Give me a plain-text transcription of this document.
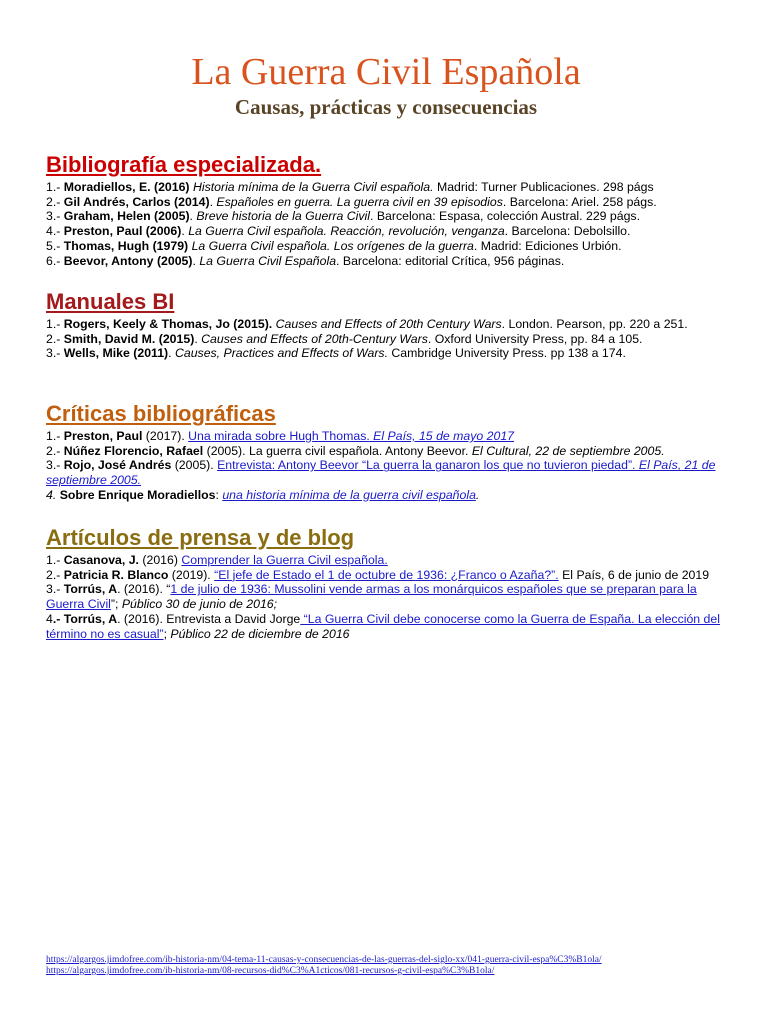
La Guerra Civil Española
Causas, prácticas y consecuencias
Bibliografía especializada.

1.- Moradiellos, E. (2016) Historia mínima de la Guerra Civil española. Madrid: Turner Publicaciones. 298 págs

2.- Gil Andrés, Carlos (2014). Españoles en guerra. La guerra civil en 39 episodios. Barcelona: Ariel. 258 págs.

3.- Graham, Helen (2005). Breve historia de la Guerra Civil. Barcelona: Espasa, colección Austral. 229 págs.

4.- Preston, Paul (2006). La Guerra Civil española. Reacción, revolución, venganza. Barcelona: Debolsillo.

5.- Thomas, Hugh (1979) La Guerra Civil española. Los orígenes de la guerra. Madrid: Ediciones Urbión.

6.- Beevor, Antony (2005). La Guerra Civil Española. Barcelona: editorial Crítica, 956 páginas.

Manuales BI

1.- Rogers, Keely & Thomas, Jo (2015). Causes and Effects of 20th Century Wars. London. Pearson, pp. 220 a 251.

2.- Smith, David M. (2015). Causes and Effects of 20th-Century Wars. Oxford University Press, pp. 84 a 105.

3.- Wells, Mike (2011). Causes, Practices and Effects of Wars. Cambridge University Press. pp 138 a 174.

Críticas bibliográficas

1.- Preston, Paul (2017). Una mirada sobre Hugh Thomas. El País, 15 de mayo 2017

2.- Núñez Florencio, Rafael (2005). La guerra civil española. Antony Beevor. El Cultural, 22 de septiembre 2005.

3.- Rojo, José Andrés (2005). Entrevista: Antony Beevor “La guerra la ganaron los que no tuvieron piedad”. El País, 21 de septiembre 2005.

4. Sobre Enrique Moradiellos: una historia mínima de la guerra civil española.

Artículos de prensa y de blog

1.- Casanova, J. (2016) Comprender la Guerra Civil española.

2.- Patricia R. Blanco (2019). “El jefe de Estado el 1 de octubre de 1936: ¿Franco o Azaña?”. El País, 6 de junio de 2019

3.- Torrús, A. (2016). “1 de julio de 1936: Mussolini vende armas a los monárquicos españoles que se preparan para la Guerra Civil”; Público 30 de junio de 2016;

4.- Torrús, A. (2016). Entrevista a David Jorge “La Guerra Civil debe conocerse como la Guerra de España. La elección del término no es casual”; Público 22 de diciembre de 2016

https://algargos.jimdofree.com/ib-historia-nm/04-tema-11-causas-y-consecuencias-de-las-guerras-del-siglo-xx/041-guerra-civil-espa%C3%B1ola/
https://algargos.jimdofree.com/ib-historia-nm/08-recursos-did%C3%A1cticos/081-recursos-g-civil-espa%C3%B1ola/
